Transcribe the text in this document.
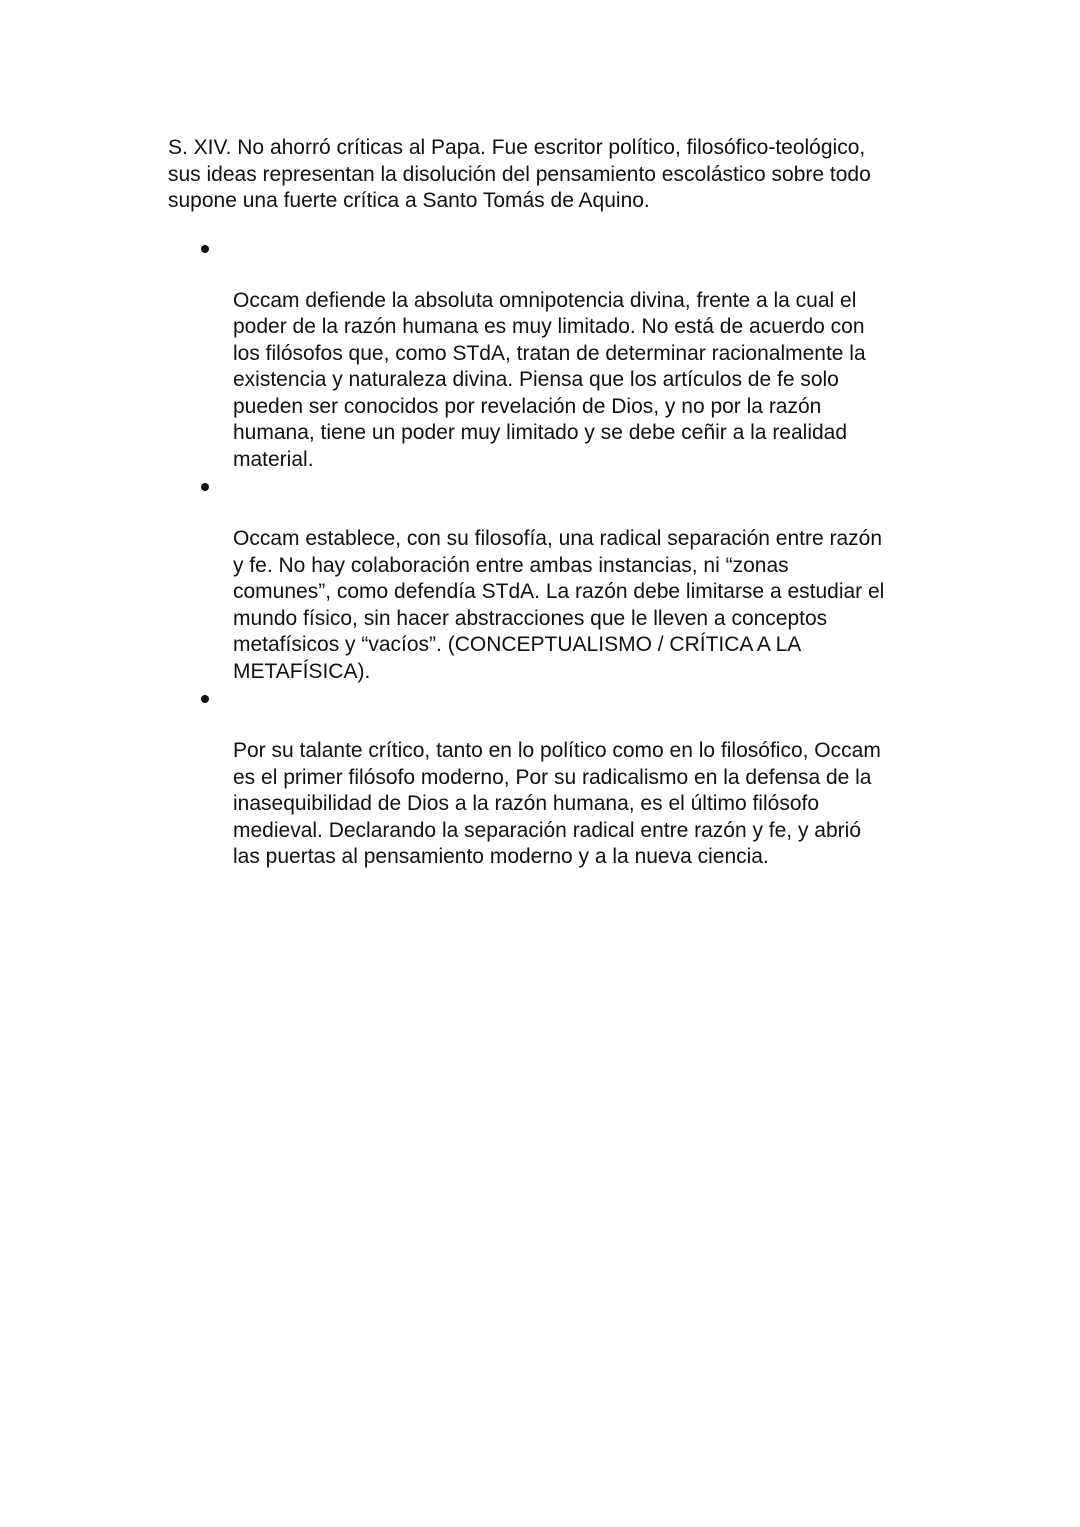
S. XIV. No ahorró críticas al Papa. Fue escritor político, filosófico-teológico,
sus ideas representan la disolución del pensamiento escolástico sobre todo
supone una fuerte crítica a Santo Tomás de Aquino.

Occam defiende la absoluta omnipotencia divina, frente a la cual el
poder de la razón humana es muy limitado. No está de acuerdo con
los filósofos que, como STdA, tratan de determinar racionalmente la
existencia y naturaleza divina. Piensa que los artículos de fe solo
pueden ser conocidos por revelación de Dios, y no por la razón
humana, tiene un poder muy limitado y se debe ceñir a la realidad
material.

Occam establece, con su filosofía, una radical separación entre razón
y fe. No hay colaboración entre ambas instancias, ni “zonas
comunes”, como defendía STdA. La razón debe limitarse a estudiar el
mundo físico, sin hacer abstracciones que le lleven a conceptos
metafísicos y “vacíos”. (CONCEPTUALISMO / CRÍTICA A LA
METAFÍSICA).

Por su talante crítico, tanto en lo político como en lo filosófico, Occam
es el primer filósofo moderno, Por su radicalismo en la defensa de la
inasequibilidad de Dios a la razón humana, es el último filósofo
medieval. Declarando la separación radical entre razón y fe, y abrió
las puertas al pensamiento moderno y a la nueva ciencia.
